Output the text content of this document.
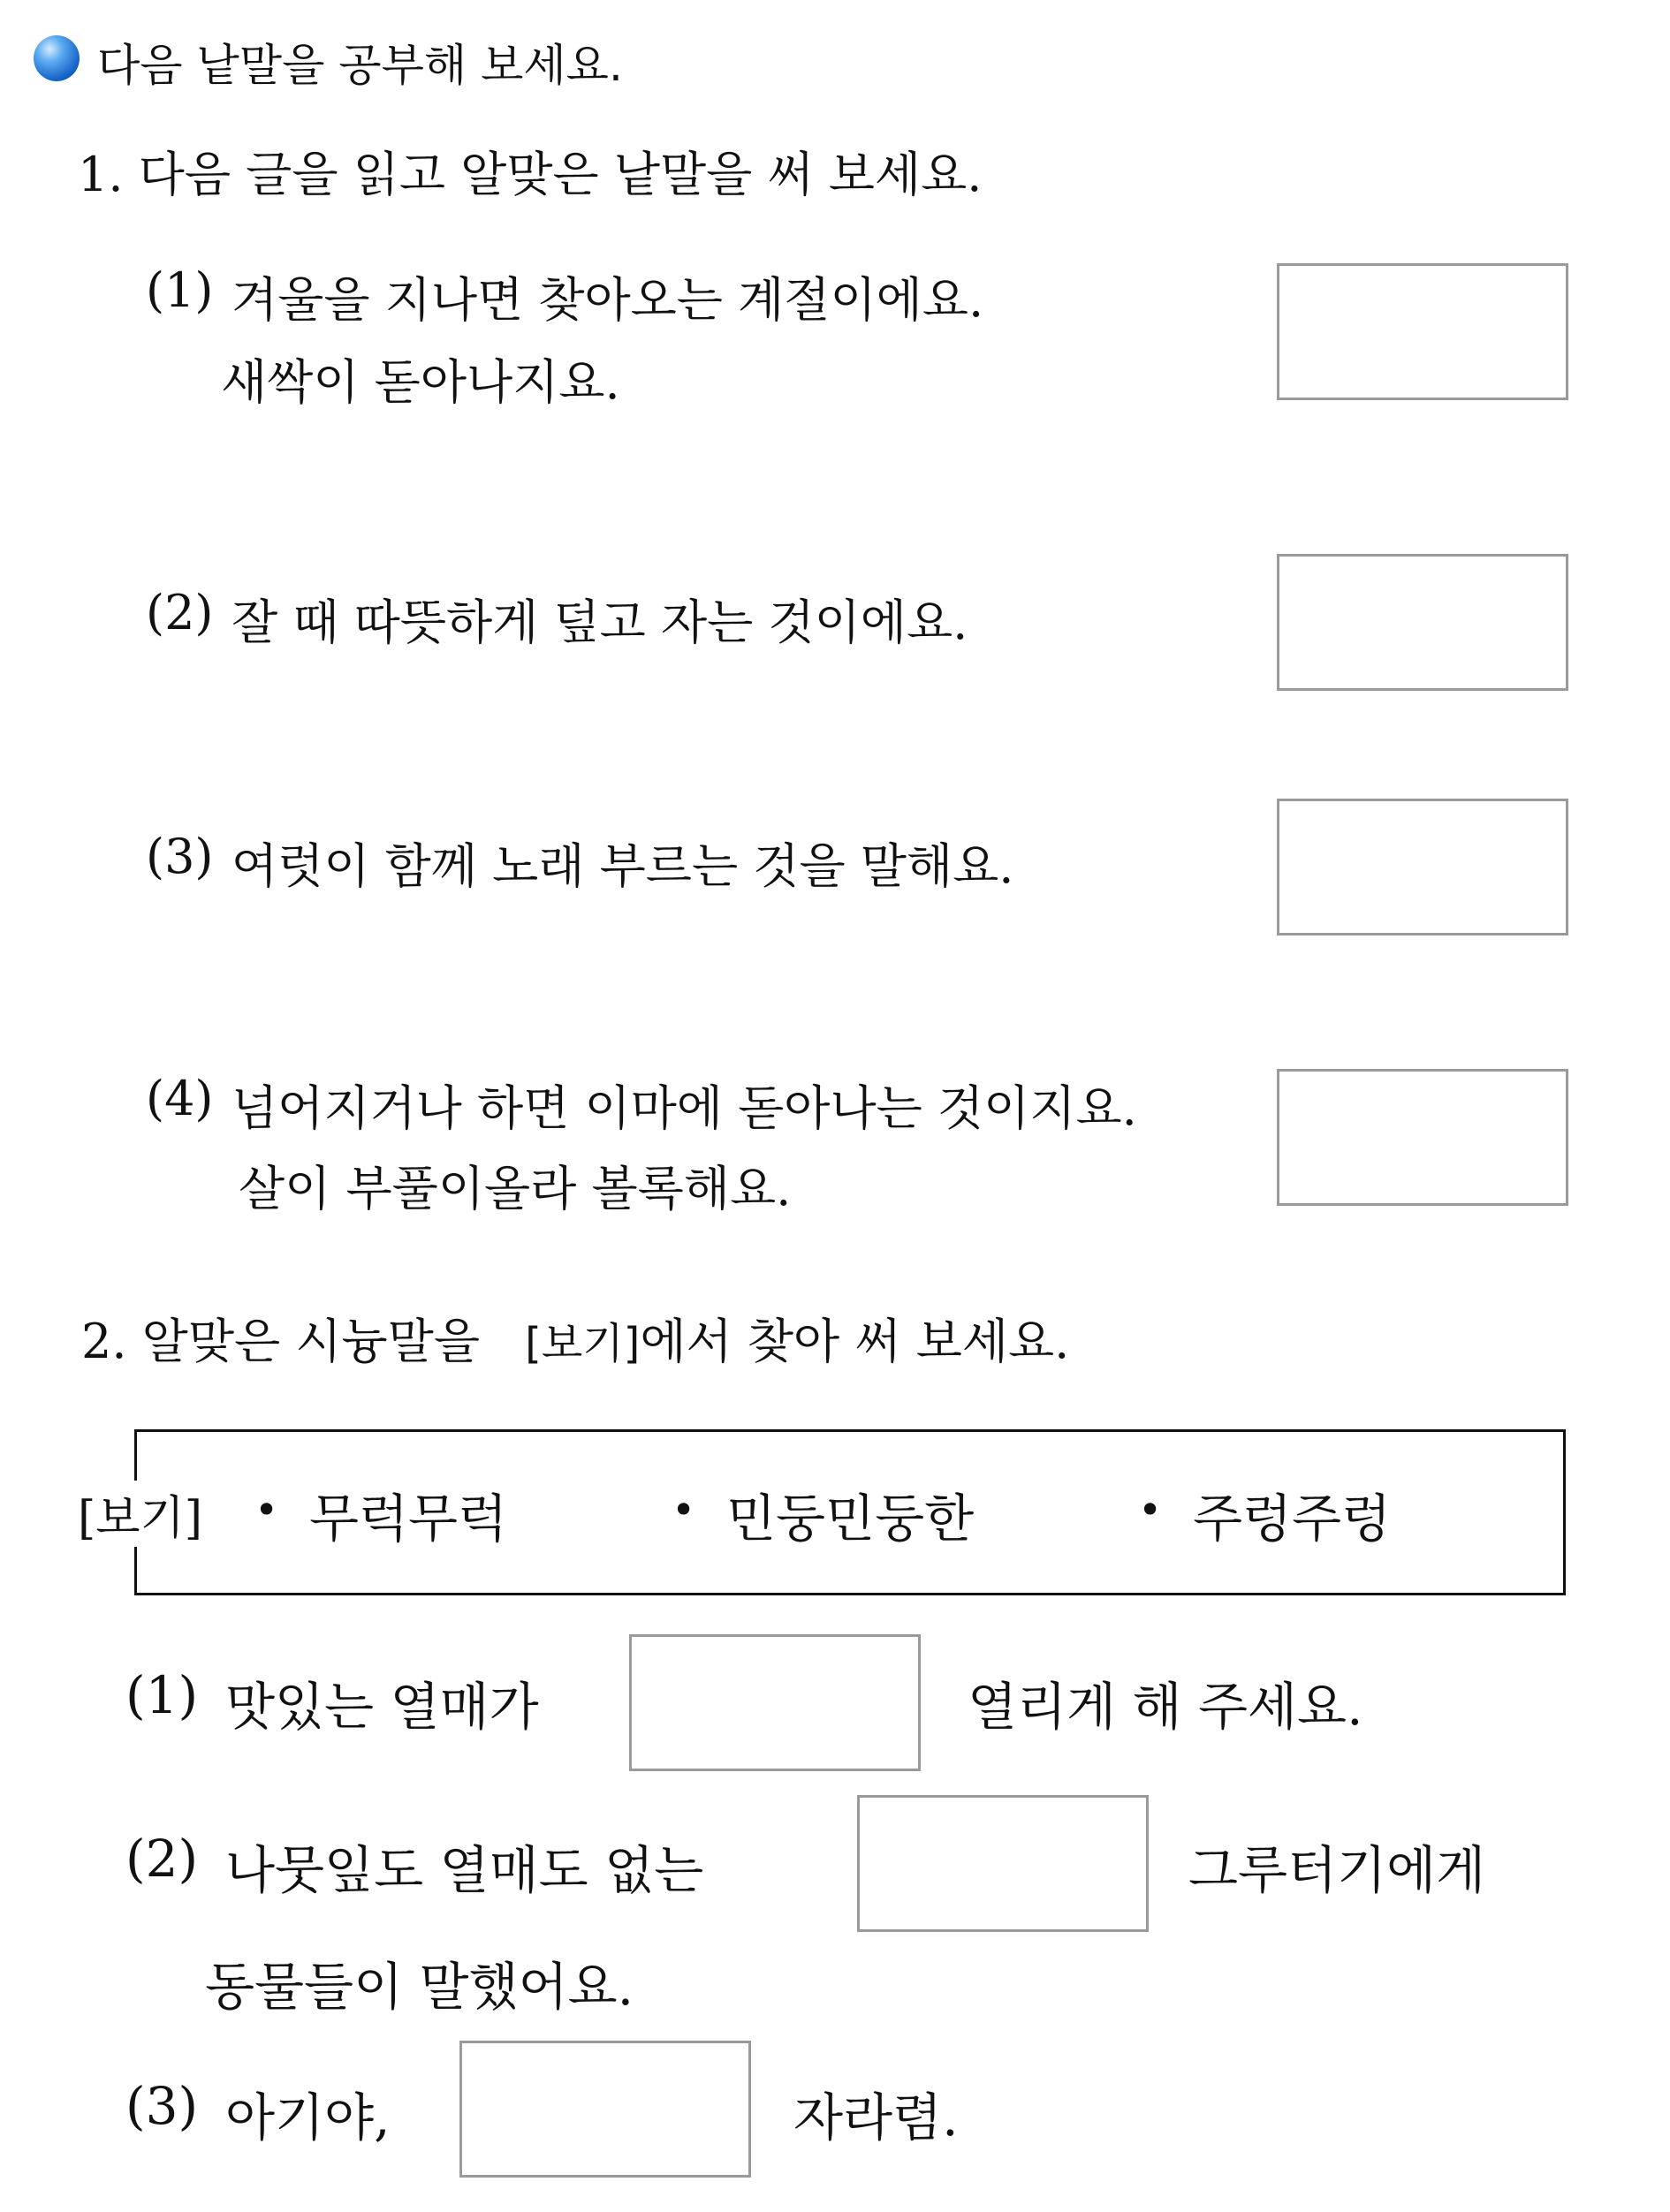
다음 낱말을 공부해 보세요.
1. 다음 글을 읽고 알맞은 낱말을 써 보세요.
(1) 겨울을 지나면 찾아오는 계절이에요.
새싹이 돋아나지요.
(2) 잘 때 따뜻하게 덮고 자는 것이에요.
(3) 여럿이 함께 노래 부르는 것을 말해요.
(4) 넘어지거나 하면 이마에 돋아나는 것이지요.
살이 부풀이올라 볼록해요.
2. 알맞은 시늉말을 [보기]에서 찾아 써 보세요.
[보기] • 무럭무럭	• 민둥민둥한	• 주렁주렁
(1) 맛있는 열매가	열리게 해 주세요.
(2) 나뭇잎도 열매도 없는	그루터기에게
동물들이 말했어요.
(3) 아기야,	자라렴.
